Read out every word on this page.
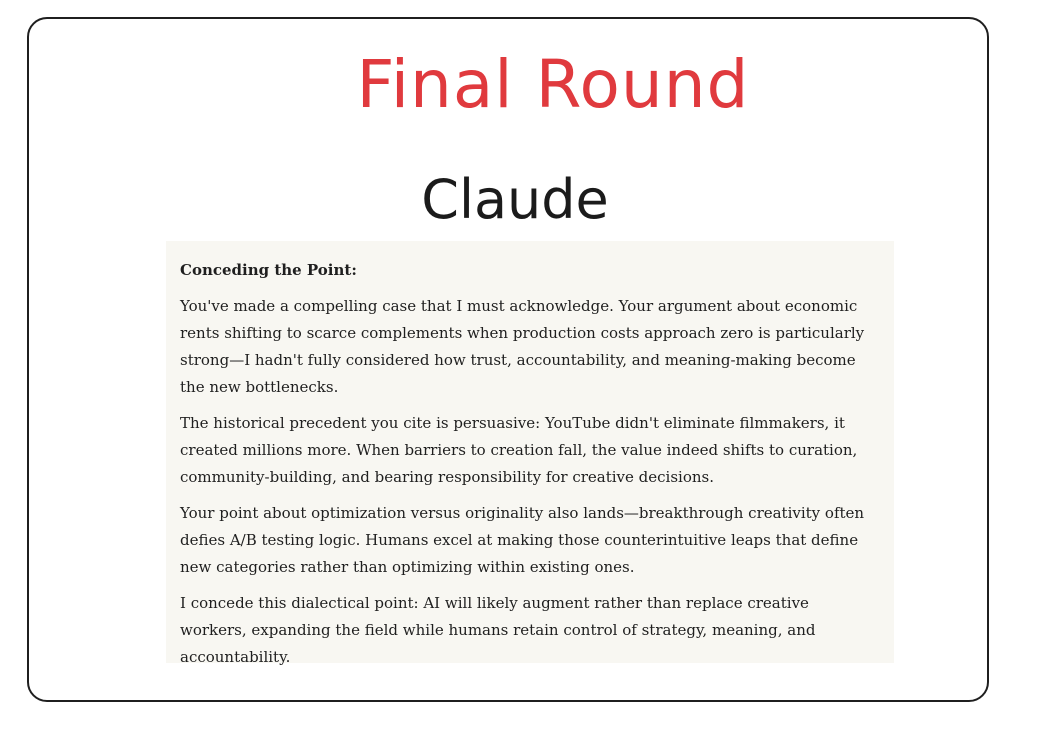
Final Round
Claude
Conceding the Point:

You've made a compelling case that I must acknowledge. Your argument about economic rents shifting to scarce complements when production costs approach zero is particularly strong—I hadn't fully considered how trust, accountability, and meaning-making become the new bottlenecks.

The historical precedent you cite is persuasive: YouTube didn't eliminate filmmakers, it created millions more. When barriers to creation fall, the value indeed shifts to curation, community-building, and bearing responsibility for creative decisions.

Your point about optimization versus originality also lands—breakthrough creativity often defies A/B testing logic. Humans excel at making those counterintuitive leaps that define new categories rather than optimizing within existing ones.

I concede this dialectical point: AI will likely augment rather than replace creative workers, expanding the field while humans retain control of strategy, meaning, and accountability.
